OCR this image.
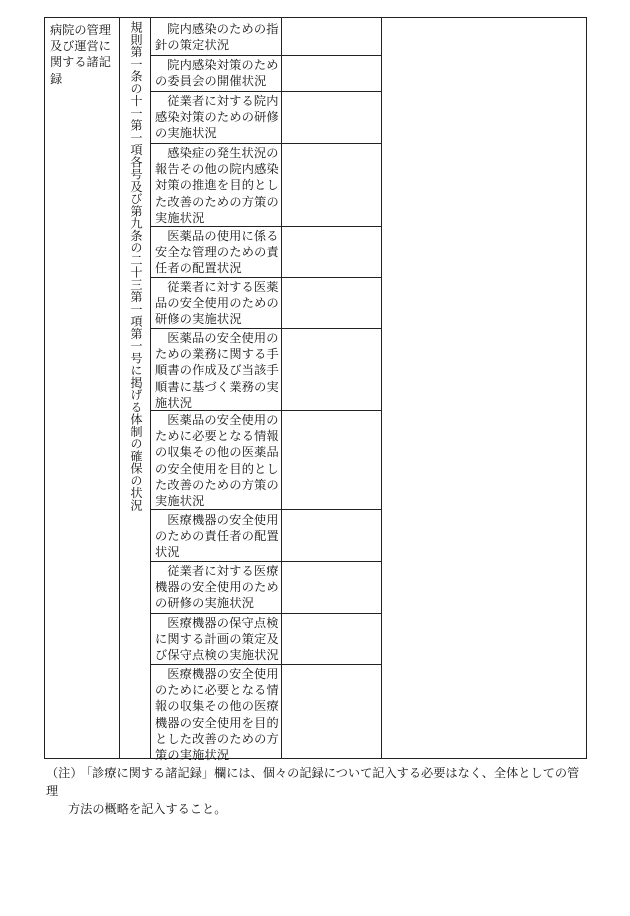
病院の管理及び運営に関する諸記録	規則第一条の十一第一項各号及び第九条の二十三第一項第一号に掲げる体制の確保の状況	院内感染のための指針の策定状況
院内感染対策のための委員会の開催状況
従業者に対する院内感染対策のための研修の実施状況
感染症の発生状況の報告その他の院内感染対策の推進を目的とした改善のための方策の実施状況
医薬品の使用に係る安全な管理のための責任者の配置状況
従業者に対する医薬品の安全使用のための研修の実施状況
医薬品の安全使用のための業務に関する手順書の作成及び当該手順書に基づく業務の実施状況
医薬品の安全使用のために必要となる情報の収集その他の医薬品の安全使用を目的とした改善のための方策の実施状況
医療機器の安全使用のための責任者の配置状況
従業者に対する医療機器の安全使用のための研修の実施状況
医療機器の保守点検に関する計画の策定及び保守点検の実施状況
医療機器の安全使用のために必要となる情報の収集その他の医療機器の安全使用を目的とした改善のための方策の実施状況
（注）「診療に関する諸記録」欄には、個々の記録について記入する必要はなく、全体としての管理
方法の概略を記入すること。
